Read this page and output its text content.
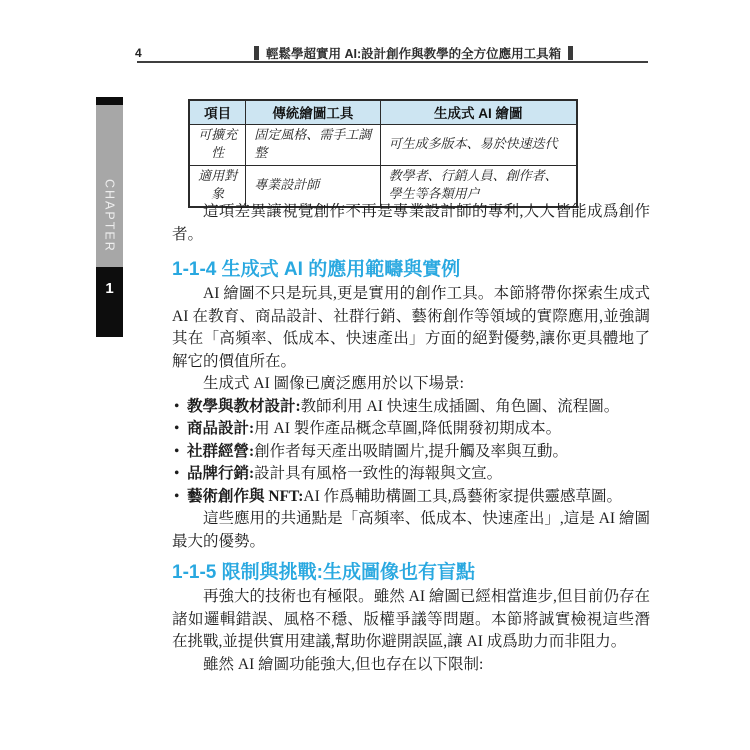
4	輕鬆學超實用 AI:設計創作與教學的全方位應用工具箱
CHAPTER
1
項目	傳統繪圖工具	生成式 AI 繪圖
可擴充性	固定風格、需手工調整	可生成多版本、易於快速迭代
適用對象	專業設計師	教學者、行銷人員、創作者、學生等各類用户

這項差異讓視覺創作不再是專業設計師的專利,人人皆能成爲創作者。

1-1-4 生成式 AI 的應用範疇與實例

AI 繪圖不只是玩具,更是實用的創作工具。本節將帶你探索生成式 AI 在教育、商品設計、社群行銷、藝術創作等領域的實際應用,並強調其在「高頻率、低成本、快速產出」方面的絕對優勢,讓你更具體地了解它的價值所在。

生成式 AI 圖像已廣泛應用於以下場景:

• 教學與教材設計:教師利用 AI 快速生成插圖、角色圖、流程圖。
• 商品設計:用 AI 製作產品概念草圖,降低開發初期成本。
• 社群經營:創作者每天產出吸睛圖片,提升觸及率與互動。
• 品牌行銷:設計具有風格一致性的海報與文宣。
• 藝術創作與 NFT:AI 作爲輔助構圖工具,爲藝術家提供靈感草圖。

這些應用的共通點是「高頻率、低成本、快速產出」,這是 AI 繪圖最大的優勢。

1-1-5 限制與挑戰:生成圖像也有盲點

再強大的技術也有極限。雖然 AI 繪圖已經相當進步,但目前仍存在諸如邏輯錯誤、風格不穩、版權爭議等問題。本節將誠實檢視這些潛在挑戰,並提供實用建議,幫助你避開誤區,讓 AI 成爲助力而非阻力。

雖然 AI 繪圖功能強大,但也存在以下限制:
